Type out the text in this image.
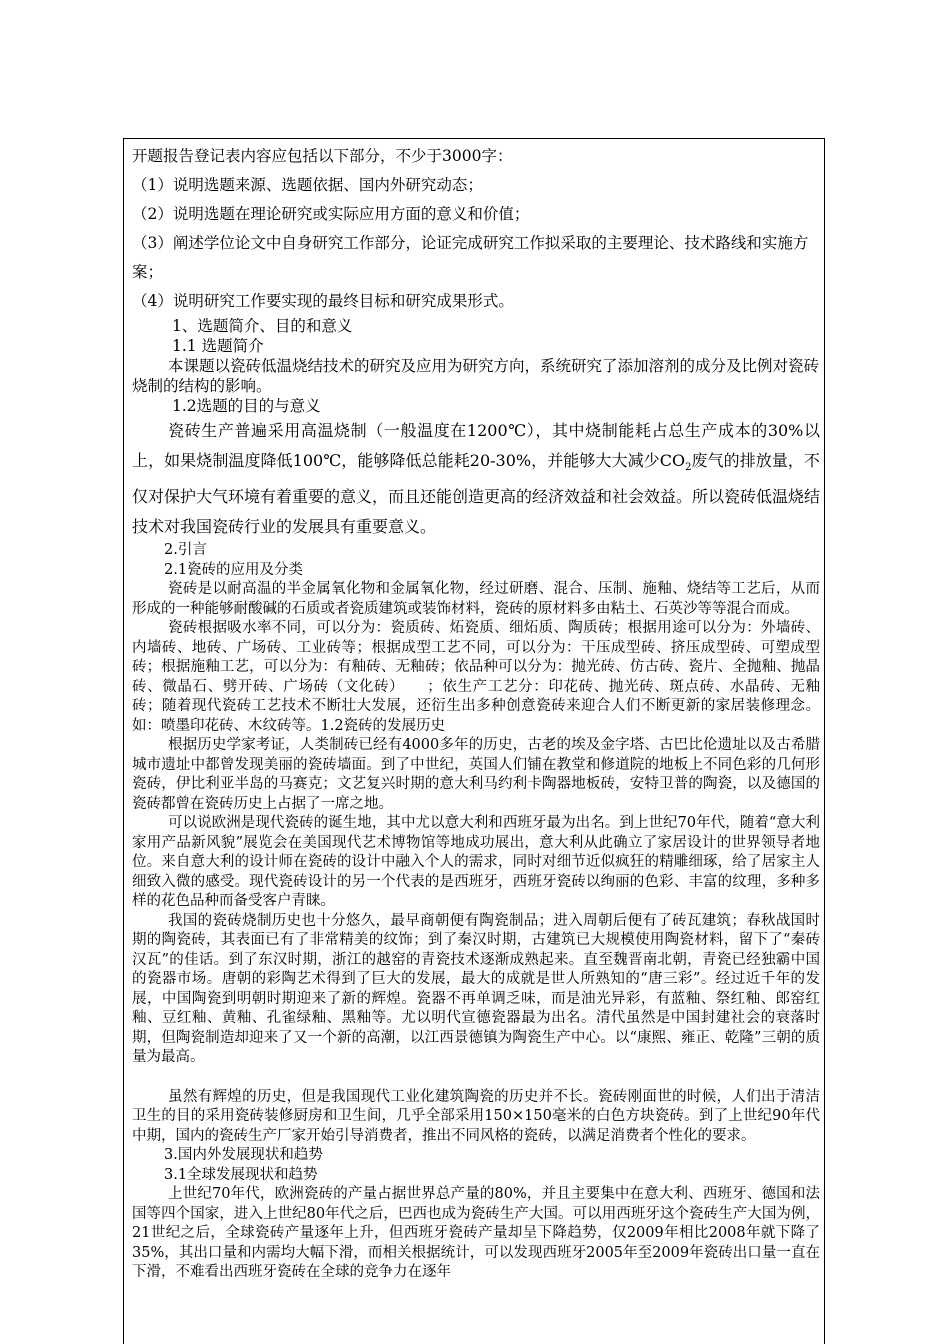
开题报告登记表内容应包括以下部分，不少于3000字：

（1）说明选题来源、选题依据、国内外研究动态；

（2）说明选题在理论研究或实际应用方面的意义和价值；

（3）阐述学位论文中自身研究工作部分，论证完成研究工作拟采取的主要理论、技术路线和实施方案；

（4）说明研究工作要实现的最终目标和研究成果形式。

1、选题简介、目的和意义

1.1 选题简介

本课题以瓷砖低温烧结技术的研究及应用为研究方向，系统研究了添加溶剂的成分及比例对瓷砖烧制的结构的影响。

1.2选题的目的与意义

瓷砖生产普遍采用高温烧制（一般温度在1200℃），其中烧制能耗占总生产成本的30%以上，如果烧制温度降低100℃，能够降低总能耗20-30%，并能够大大减少$CO_2$废气的排放量，不仅对保护大气环境有着重要的意义，而且还能创造更高的经济效益和社会效益。所以瓷砖低温烧结技术对我国瓷砖行业的发展具有重要意义。

2.引言

2.1瓷砖的应用及分类

瓷砖是以耐高温的半金属氧化物和金属氧化物，经过研磨、混合、压制、施釉、烧结等工艺后，从而形成的一种能够耐酸碱的石质或者瓷质建筑或装饰材料，瓷砖的原材料多由粘土、石英沙等等混合而成。

瓷砖根据吸水率不同，可以分为：瓷质砖、炻瓷质、细炻质、陶质砖；根据用途可以分为：外墙砖、内墙砖、地砖、广场砖、工业砖等；根据成型工艺不同，可以分为：干压成型砖、挤压成型砖、可塑成型砖；根据施釉工艺，可以分为：有釉砖、无釉砖；依品种可以分为：抛光砖、仿古砖、瓷片、全抛釉、抛晶砖、微晶石、劈开砖、广场砖（文化砖）　　；依生产工艺分：印花砖、抛光砖、斑点砖、水晶砖、无釉砖；随着现代瓷砖工艺技术不断壮大发展，还衍生出多种创意瓷砖来迎合人们不断更新的家居装修理念。如：喷墨印花砖、木纹砖等。1.2瓷砖的发展历史

根据历史学家考证，人类制砖已经有4000多年的历史，古老的埃及金字塔、古巴比伦遗址以及古希腊城市遗址中都曾发现美丽的瓷砖墙面。到了中世纪，英国人们铺在教堂和修道院的地板上不同色彩的几何形瓷砖，伊比利亚半岛的马赛克；文艺复兴时期的意大利马约利卡陶器地板砖，安特卫普的陶瓷，以及德国的瓷砖都曾在瓷砖历史上占据了一席之地。

可以说欧洲是现代瓷砖的诞生地，其中尤以意大利和西班牙最为出名。到上世纪70年代，随着“意大利家用产品新风貌”展览会在美国现代艺术博物馆等地成功展出，意大利从此确立了家居设计的世界领导者地位。来自意大利的设计师在瓷砖的设计中融入个人的需求，同时对细节近似疯狂的精雕细琢，给了居家主人细致入微的感受。现代瓷砖设计的另一个代表的是西班牙，西班牙瓷砖以绚丽的色彩、丰富的纹理，多种多样的花色品种而备受客户青睐。

我国的瓷砖烧制历史也十分悠久，最早商朝便有陶瓷制品；进入周朝后便有了砖瓦建筑；春秋战国时期的陶瓷砖，其表面已有了非常精美的纹饰；到了秦汉时期，古建筑已大规模使用陶瓷材料，留下了“秦砖汉瓦”的佳话。到了东汉时期，浙江的越窑的青瓷技术逐渐成熟起来。直至魏晋南北朝，青瓷已经独霸中国的瓷器市场。唐朝的彩陶艺术得到了巨大的发展，最大的成就是世人所熟知的“唐三彩”。经过近千年的发展，中国陶瓷到明朝时期迎来了新的辉煌。瓷器不再单调乏味，而是油光异彩，有蓝釉、祭红釉、郎窑红釉、豆红釉、黄釉、孔雀绿釉、黑釉等。尤以明代宣德瓷器最为出名。清代虽然是中国封建社会的衰落时期，但陶瓷制造却迎来了又一个新的高潮，以江西景德镇为陶瓷生产中心。以“康熙、雍正、乾隆”三朝的质量为最高。

虽然有辉煌的历史，但是我国现代工业化建筑陶瓷的历史并不长。瓷砖刚面世的时候，人们出于清洁卫生的目的采用瓷砖装修厨房和卫生间，几乎全部采用150×150毫米的白色方块瓷砖。到了上世纪90年代中期，国内的瓷砖生产厂家开始引导消费者，推出不同风格的瓷砖，以满足消费者个性化的要求。

3.国内外发展现状和趋势

3.1全球发展现状和趋势

上世纪70年代，欧洲瓷砖的产量占据世界总产量的80%，并且主要集中在意大利、西班牙、德国和法国等四个国家，进入上世纪80年代之后，巴西也成为瓷砖生产大国。可以用西班牙这个瓷砖生产大国为例，21世纪之后，全球瓷砖产量逐年上升，但西班牙瓷砖产量却呈下降趋势，仅2009年相比2008年就下降了35%，其出口量和内需均大幅下滑，而相关根据统计，可以发现西班牙2005年至2009年瓷砖出口量一直在下滑，不难看出西班牙瓷砖在全球的竞争力在逐年
